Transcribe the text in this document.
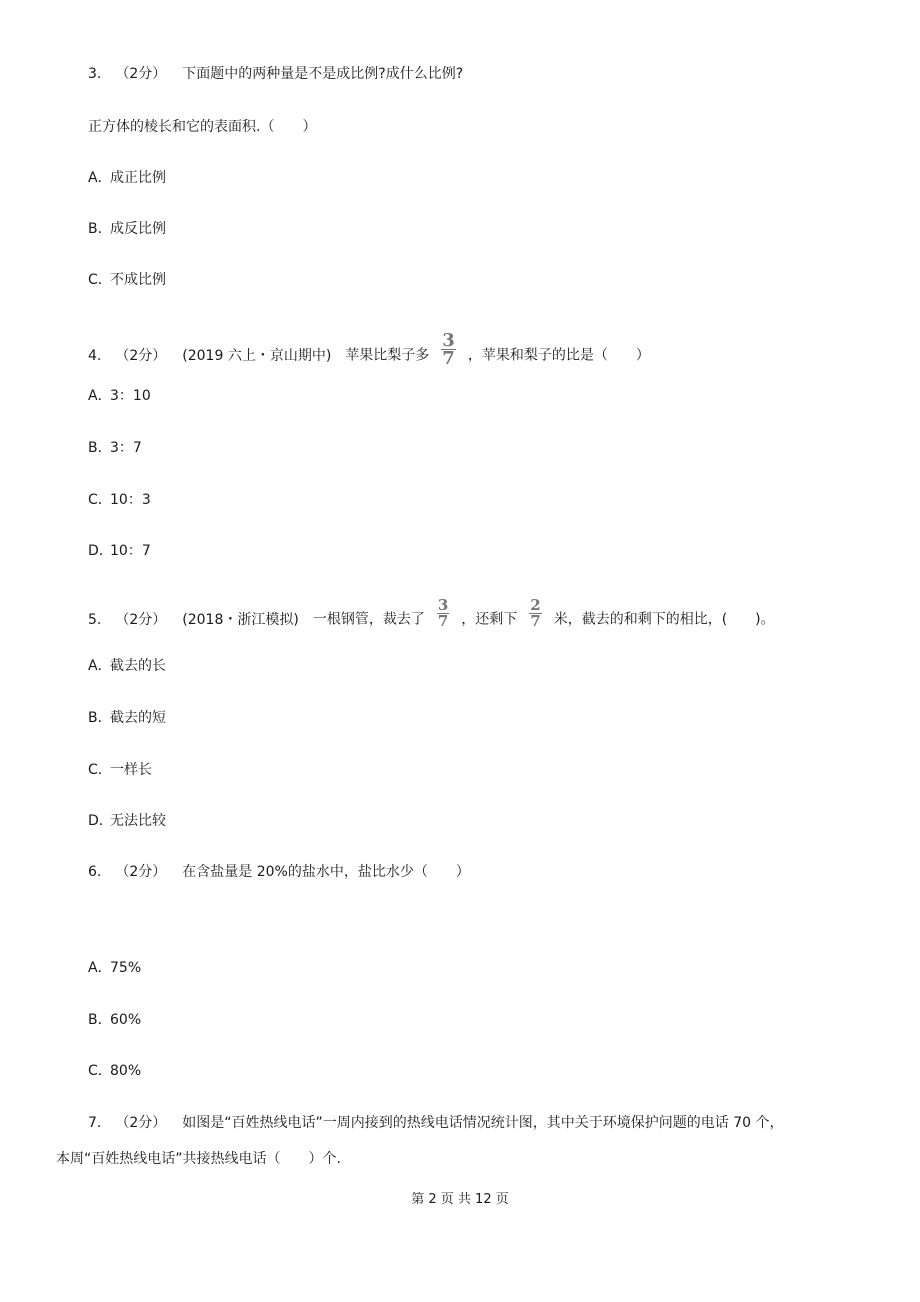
3. （2分） 下面题中的两种量是不是成比例?成什么比例?
正方体的棱长和它的表面积.（　　）
A．成正比例
B．成反比例
C．不成比例
4. （2分） (2019 六上・京山期中) 苹果比梨子多 $\frac{3}{7}$ ，苹果和梨子的比是（　　）
A．3：10
B．3：7
C．10：3
D．10：7
5. （2分） (2018・浙江模拟) 一根钢管，裁去了 $\frac{3}{7}$ ，还剩下 $\frac{2}{7}$ 米，截去的和剩下的相比，(　　)。
A．截去的长
B．截去的短
C．一样长
D．无法比较
6. （2分） 在含盐量是 20%的盐水中，盐比水少（　　）
A．75%
B．60%
C．80%
7. （2分） 如图是“百姓热线电话”一周内接到的热线电话情况统计图，其中关于环境保护问题的电话 70 个，
本周“百姓热线电话”共接热线电话（　　）个.
第 2 页 共 12 页
